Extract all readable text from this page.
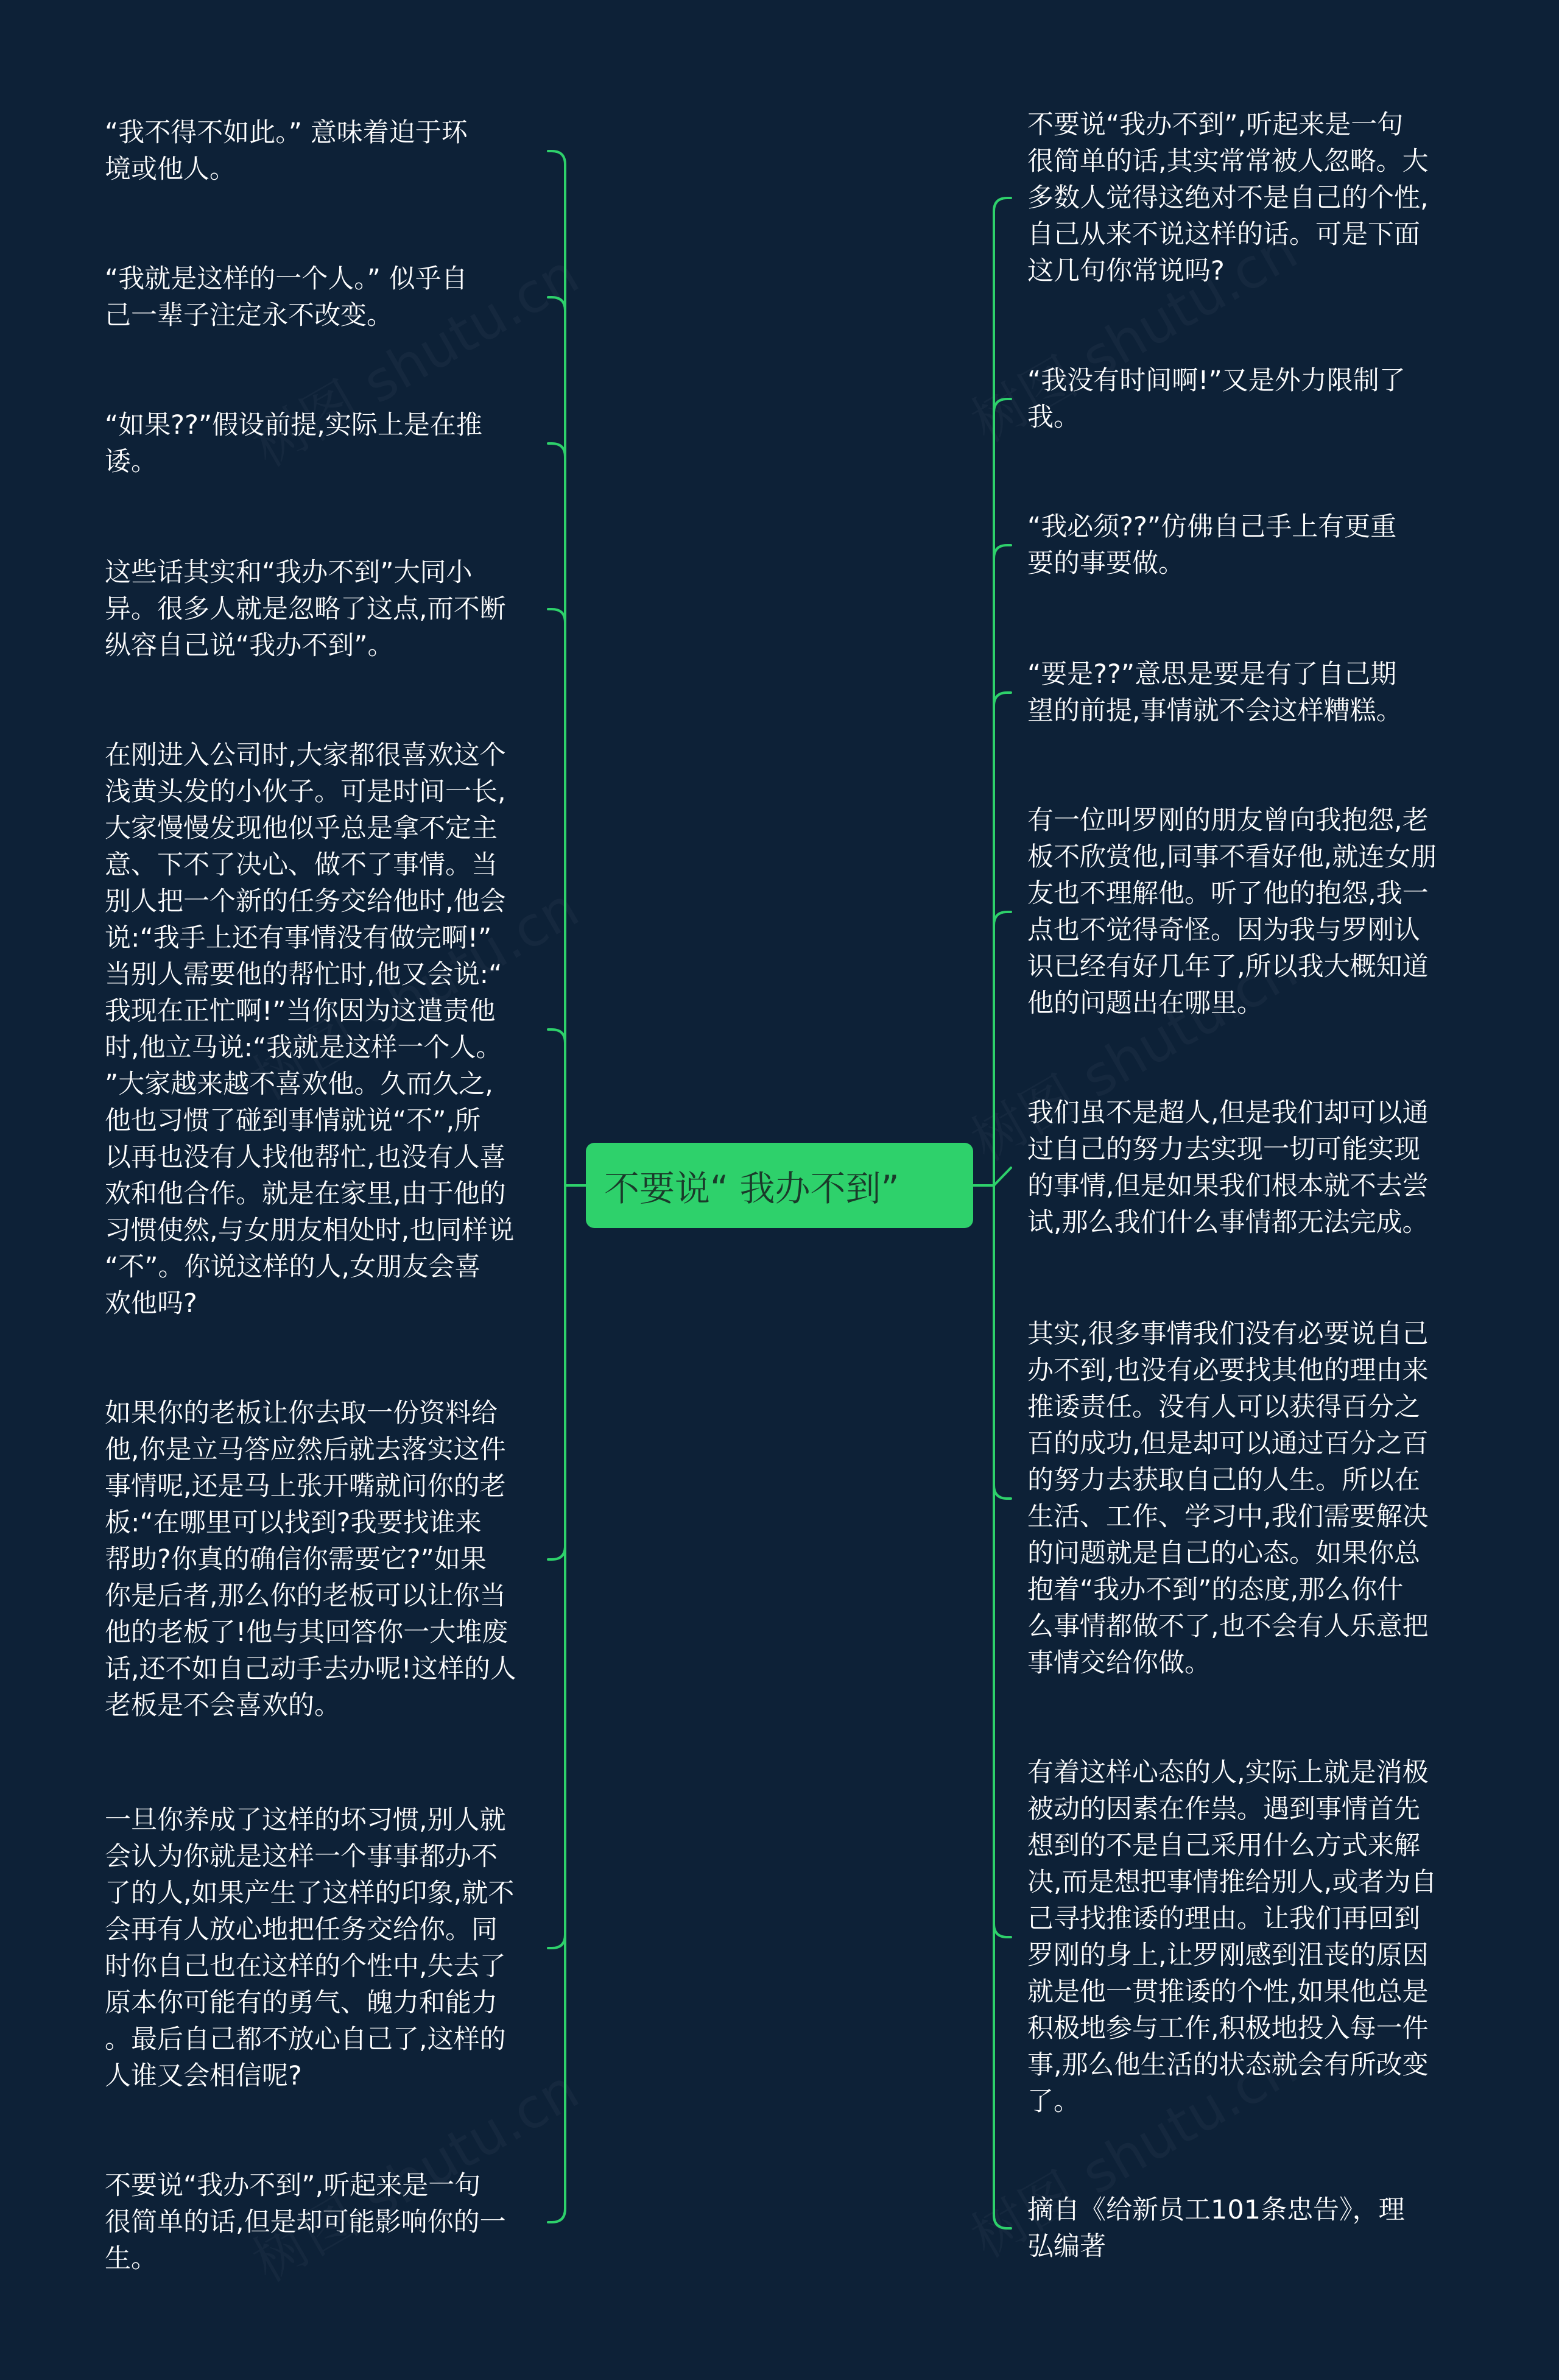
不要说“ 我办不到”

“我不得不如此。” 意味着迫于环
境或他人。

“我就是这样的一个人。” 似乎自
己一辈子注定永不改变。

“如果??”假设前提,实际上是在推
诿。

这些话其实和“我办不到”大同小
异。很多人就是忽略了这点,而不断
纵容自己说“我办不到”。

在刚进入公司时,大家都很喜欢这个
浅黄头发的小伙子。可是时间一长,
大家慢慢发现他似乎总是拿不定主
意、下不了决心、做不了事情。当
别人把一个新的任务交给他时,他会
说:“我手上还有事情没有做完啊!”
当别人需要他的帮忙时,他又会说:“
我现在正忙啊!”当你因为这遣责他
时,他立马说:“我就是这样一个人。
”大家越来越不喜欢他。久而久之,
他也习惯了碰到事情就说“不”,所
以再也没有人找他帮忙,也没有人喜
欢和他合作。就是在家里,由于他的
习惯使然,与女朋友相处时,也同样说
“不”。你说这样的人,女朋友会喜
欢他吗?

如果你的老板让你去取一份资料给
他,你是立马答应然后就去落实这件
事情呢,还是马上张开嘴就问你的老
板:“在哪里可以找到?我要找谁来
帮助?你真的确信你需要它?”如果
你是后者,那么你的老板可以让你当
他的老板了!他与其回答你一大堆废
话,还不如自己动手去办呢!这样的人
老板是不会喜欢的。

一旦你养成了这样的坏习惯,别人就
会认为你就是这样一个事事都办不
了的人,如果产生了这样的印象,就不
会再有人放心地把任务交给你。同
时你自己也在这样的个性中,失去了
原本你可能有的勇气、魄力和能力
。最后自己都不放心自己了,这样的
人谁又会相信呢?

不要说“我办不到”,听起来是一句
很简单的话,但是却可能影响你的一
生。

不要说“我办不到”,听起来是一句
很简单的话,其实常常被人忽略。大
多数人觉得这绝对不是自己的个性,
自己从来不说这样的话。可是下面
这几句你常说吗?

“我没有时间啊!”又是外力限制了
我。

“我必须??”仿佛自己手上有更重
要的事要做。

“要是??”意思是要是有了自己期
望的前提,事情就不会这样糟糕。

有一位叫罗刚的朋友曾向我抱怨,老
板不欣赏他,同事不看好他,就连女朋
友也不理解他。听了他的抱怨,我一
点也不觉得奇怪。因为我与罗刚认
识已经有好几年了,所以我大概知道
他的问题出在哪里。

我们虽不是超人,但是我们却可以通
过自己的努力去实现一切可能实现
的事情,但是如果我们根本就不去尝
试,那么我们什么事情都无法完成。

其实,很多事情我们没有必要说自己
办不到,也没有必要找其他的理由来
推诿责任。没有人可以获得百分之
百的成功,但是却可以通过百分之百
的努力去获取自己的人生。所以在
生活、工作、学习中,我们需要解决
的问题就是自己的心态。如果你总
抱着“我办不到”的态度,那么你什
么事情都做不了,也不会有人乐意把
事情交给你做。

有着这样心态的人,实际上就是消极
被动的因素在作祟。遇到事情首先
想到的不是自己采用什么方式来解
决,而是想把事情推给别人,或者为自
己寻找推诿的理由。让我们再回到
罗刚的身上,让罗刚感到沮丧的原因
就是他一贯推诿的个性,如果他总是
积极地参与工作,积极地投入每一件
事,那么他生活的状态就会有所改变
了。

摘自《给新员工101条忠告》，理
弘编著
